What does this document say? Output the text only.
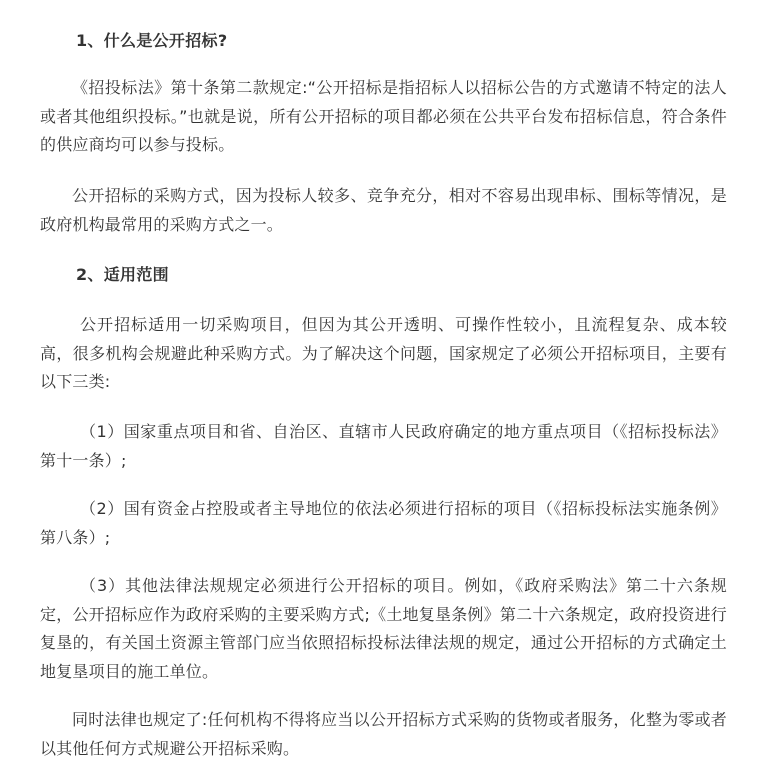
1、什么是公开招标?

《招投标法》第十条第二款规定:“公开招标是指招标人以招标公告的方式邀请不特定的法人或者其他组织投标。”也就是说，所有公开招标的项目都必须在公共平台发布招标信息，符合条件的供应商均可以参与投标。

公开招标的采购方式，因为投标人较多、竞争充分，相对不容易出现串标、围标等情况，是政府机构最常用的采购方式之一。

2、适用范围

公开招标适用一切采购项目，但因为其公开透明、可操作性较小，且流程复杂、成本较高，很多机构会规避此种采购方式。为了解决这个问题，国家规定了必须公开招标项目，主要有以下三类:

（1）国家重点项目和省、自治区、直辖市人民政府确定的地方重点项目（《招标投标法》第十一条）;

（2）国有资金占控股或者主导地位的依法必须进行招标的项目（《招标投标法实施条例》第八条）;

（3）其他法律法规规定必须进行公开招标的项目。例如，《政府采购法》第二十六条规定，公开招标应作为政府采购的主要采购方式;《土地复垦条例》第二十六条规定，政府投资进行复垦的，有关国土资源主管部门应当依照招标投标法律法规的规定，通过公开招标的方式确定土地复垦项目的施工单位。

同时法律也规定了:任何机构不得将应当以公开招标方式采购的货物或者服务，化整为零或者以其他任何方式规避公开招标采购。
